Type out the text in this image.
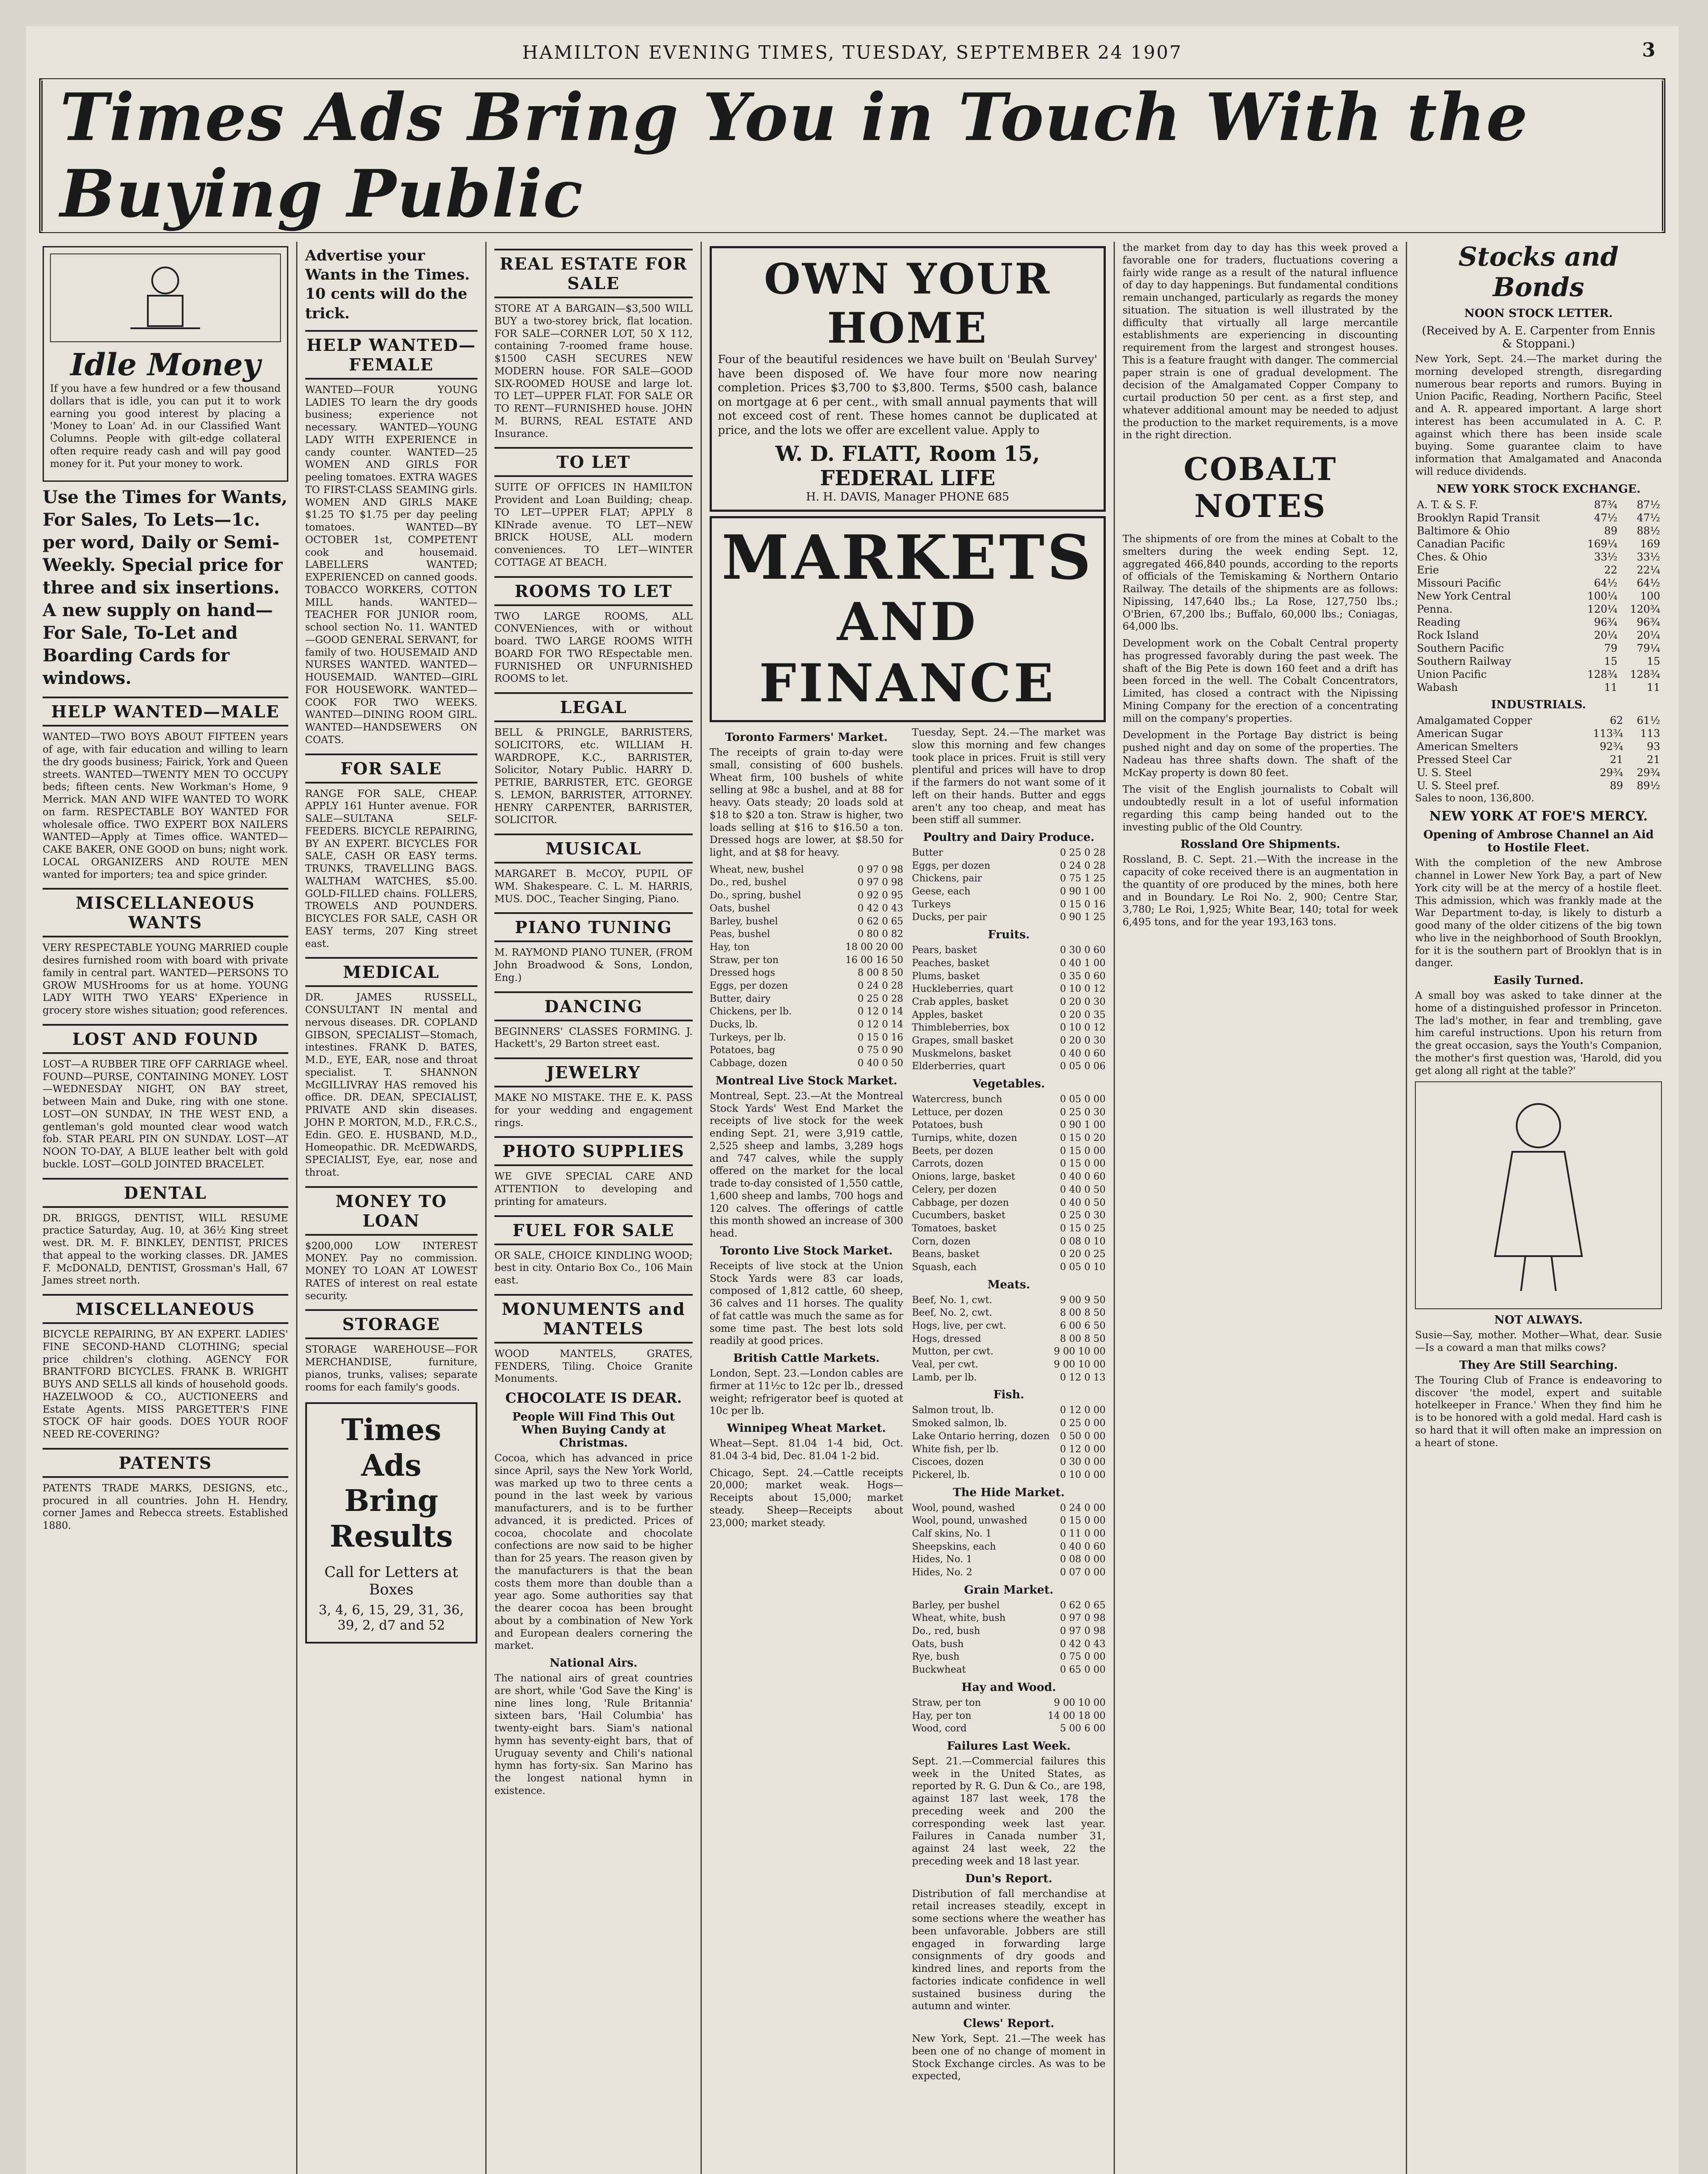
HAMILTON EVENING TIMES, TUESDAY, SEPTEMBER 24 1907	3
Times Ads Bring You in Touch With the Buying Public
Idle Money

If you have a few hundred or a few thousand dollars that is idle, you can put it to work earning you good interest by placing a 'Money to Loan' Ad. in our Classified Want Columns. People with gilt-edge collateral often require ready cash and will pay good money for it. Put your money to work.

Use the Times for Wants, For Sales, To Lets—1c. per word, Daily or Semi-Weekly. Special price for three and six insertions. A new supply on hand—For Sale, To-Let and Boarding Cards for windows.

HELP WANTED—MALE

WANTED—TWO BOYS ABOUT FIFTEEN years of age, with fair education and willing to learn the dry goods business; Fairick, York and Queen streets. WANTED—TWENTY MEN TO OCCUPY beds; fifteen cents. New Workman's Home, 9 Merrick. MAN AND WIFE WANTED TO WORK on farm. RESPECTABLE BOY WANTED FOR wholesale office. TWO EXPERT BOX NAILERS WANTED—Apply at Times office. WANTED—CAKE BAKER, ONE GOOD on buns; night work. LOCAL ORGANIZERS AND ROUTE MEN wanted for importers; tea and spice grinder.

MISCELLANEOUS WANTS

VERY RESPECTABLE YOUNG MARRIED couple desires furnished room with board with private family in central part. WANTED—PERSONS TO GROW MUSHrooms for us at home. YOUNG LADY WITH TWO YEARS' EXperience in grocery store wishes situation; good references.

LOST AND FOUND

LOST—A RUBBER TIRE OFF CARRIAGE wheel. FOUND—PURSE, CONTAINING MONEY. LOST—WEDNESDAY NIGHT, ON BAY street, between Main and Duke, ring with one stone. LOST—ON SUNDAY, IN THE WEST END, a gentleman's gold mounted clear wood watch fob. STAR PEARL PIN ON SUNDAY. LOST—AT NOON TO-DAY, A BLUE leather belt with gold buckle. LOST—GOLD JOINTED BRACELET.

DENTAL

DR. BRIGGS, DENTIST, WILL RESUME practice Saturday, Aug. 10, at 36½ King street west. DR. M. F. BINKLEY, DENTIST, PRICES that appeal to the working classes. DR. JAMES F. McDONALD, DENTIST, Grossman's Hall, 67 James street north.

MISCELLANEOUS

BICYCLE REPAIRING, BY AN EXPERT. LADIES' FINE SECOND-HAND CLOTHING; special price children's clothing. AGENCY FOR BRANTFORD BICYCLES. FRANK B. WRIGHT BUYS AND SELLS all kinds of household goods. HAZELWOOD & CO., AUCTIONEERS and Estate Agents. MISS PARGETTER'S FINE STOCK OF hair goods. DOES YOUR ROOF NEED RE-COVERING?

PATENTS

PATENTS TRADE MARKS, DESIGNS, etc., procured in all countries. John H. Hendry, corner James and Rebecca streets. Established 1880.

Advertise your Wants in the Times. 10 cents will do the trick.

HELP WANTED—FEMALE

WANTED—FOUR YOUNG LADIES TO learn the dry goods business; experience not necessary. WANTED—YOUNG LADY WITH EXPERIENCE in candy counter. WANTED—25 WOMEN AND GIRLS FOR peeling tomatoes. EXTRA WAGES TO FIRST-CLASS SEAMING girls. WOMEN AND GIRLS MAKE $1.25 TO $1.75 per day peeling tomatoes. WANTED—BY OCTOBER 1st, COMPETENT cook and housemaid. LABELLERS WANTED; EXPERIENCED on canned goods. TOBACCO WORKERS, COTTON MILL hands. WANTED—TEACHER FOR JUNIOR room, school section No. 11. WANTED—GOOD GENERAL SERVANT, for family of two. HOUSEMAID AND NURSES WANTED. WANTED—HOUSEMAID. WANTED—GIRL FOR HOUSEWORK. WANTED—COOK FOR TWO WEEKS. WANTED—DINING ROOM GIRL. WANTED—HANDSEWERS ON COATS.

FOR SALE

RANGE FOR SALE, CHEAP. APPLY 161 Hunter avenue. FOR SALE—SULTANA SELF-FEEDERS. BICYCLE REPAIRING, BY AN EXPERT. BICYCLES FOR SALE, CASH OR EASY terms. TRUNKS, TRAVELLING BAGS. WALTHAM WATCHES, $5.00. GOLD-FILLED chains. FOLLERS, TROWELS AND POUNDERS. BICYCLES FOR SALE, CASH OR EASY terms, 207 King street east.

MEDICAL

DR. JAMES RUSSELL, CONSULTANT IN mental and nervous diseases. DR. COPLAND GIBSON, SPECIALIST—Stomach, intestines. FRANK D. BATES, M.D., EYE, EAR, nose and throat specialist. T. SHANNON McGILLIVRAY HAS removed his office. DR. DEAN, SPECIALIST, PRIVATE AND skin diseases. JOHN P. MORTON, M.D., F.R.C.S., Edin. GEO. E. HUSBAND, M.D., Homeopathic. DR. McEDWARDS, SPECIALIST, Eye, ear, nose and throat.

MONEY TO LOAN

$200,000 LOW INTEREST MONEY. Pay no commission. MONEY TO LOAN AT LOWEST RATES of interest on real estate security.

STORAGE

STORAGE WAREHOUSE—FOR MERCHANDISE, furniture, pianos, trunks, valises; separate rooms for each family's goods.

Times Ads
Bring
Results
Call for Letters at Boxes
3, 4, 6, 15, 29, 31, 36, 39, 2, d7 and 52
REAL ESTATE FOR SALE

STORE AT A BARGAIN—$3,500 WILL BUY a two-storey brick, flat location. FOR SALE—CORNER LOT, 50 X 112, containing 7-roomed frame house. $1500 CASH SECURES NEW MODERN house. FOR SALE—GOOD SIX-ROOMED HOUSE and large lot. TO LET—UPPER FLAT. FOR SALE OR TO RENT—FURNISHED house. JOHN M. BURNS, REAL ESTATE AND Insurance.

TO LET

SUITE OF OFFICES IN HAMILTON Provident and Loan Building; cheap. TO LET—UPPER FLAT; APPLY 8 KINrade avenue. TO LET—NEW BRICK HOUSE, ALL modern conveniences. TO LET—WINTER COTTAGE AT BEACH.

ROOMS TO LET

TWO LARGE ROOMS, ALL CONVENiences, with or without board. TWO LARGE ROOMS WITH BOARD FOR TWO REspectable men. FURNISHED OR UNFURNISHED ROOMS to let.

LEGAL

BELL & PRINGLE, BARRISTERS, SOLICITORS, etc. WILLIAM H. WARDROPE, K.C., BARRISTER, Solicitor, Notary Public. HARRY D. PETRIE, BARRISTER, ETC. GEORGE S. LEMON, BARRISTER, ATTORNEY. HENRY CARPENTER, BARRISTER, SOLICITOR.

MUSICAL

MARGARET B. McCOY, PUPIL OF WM. Shakespeare. C. L. M. HARRIS, MUS. DOC., Teacher Singing, Piano.

PIANO TUNING

M. RAYMOND PIANO TUNER, (FROM John Broadwood & Sons, London, Eng.)

DANCING

BEGINNERS' CLASSES FORMING. J. Hackett's, 29 Barton street east.

JEWELRY

MAKE NO MISTAKE. THE E. K. PASS for your wedding and engagement rings.

PHOTO SUPPLIES

WE GIVE SPECIAL CARE AND ATTENTION to developing and printing for amateurs.

FUEL FOR SALE

OR SALE, CHOICE KINDLING WOOD; best in city. Ontario Box Co., 106 Main east.

MONUMENTS and MANTELS

WOOD MANTELS, GRATES, FENDERS, Tiling. Choice Granite Monuments.

CHOCOLATE IS DEAR.
People Will Find This Out When Buying Candy at Christmas.

Cocoa, which has advanced in price since April, says the New York World, was marked up two to three cents a pound in the last week by various manufacturers, and is to be further advanced, it is predicted. Prices of cocoa, chocolate and chocolate confections are now said to be higher than for 25 years. The reason given by the manufacturers is that the bean costs them more than double than a year ago. Some authorities say that the dearer cocoa has been brought about by a combination of New York and European dealers cornering the market.

National Airs.

The national airs of great countries are short, while 'God Save the King' is nine lines long, 'Rule Britannia' sixteen bars, 'Hail Columbia' has twenty-eight bars. Siam's national hymn has seventy-eight bars, that of Uruguay seventy and Chili's national hymn has forty-six. San Marino has the longest national hymn in existence.

OWN YOUR HOME

Four of the beautiful residences we have built on 'Beulah Survey' have been disposed of. We have four more now nearing completion. Prices $3,700 to $3,800. Terms, $500 cash, balance on mortgage at 6 per cent., with small annual payments that will not exceed cost of rent. These homes cannot be duplicated at price, and the lots we offer are excellent value. Apply to

W. D. FLATT, Room 15, FEDERAL LIFE
H. H. DAVIS, Manager PHONE 685
MARKETS
AND FINANCE
Toronto Farmers' Market.

The receipts of grain to-day were small, consisting of 600 bushels. Wheat firm, 100 bushels of white selling at 98c a bushel, and at 88 for heavy. Oats steady; 20 loads sold at $18 to $20 a ton. Straw is higher, two loads selling at $16 to $16.50 a ton. Dressed hogs are lower, at $8.50 for light, and at $8 for heavy.

Wheat, new, bushel	0 97 0 98
Do., red, bushel	0 97 0 98
Do., spring, bushel	0 92 0 95
Oats, bushel	0 42 0 43
Barley, bushel	0 62 0 65
Peas, bushel	0 80 0 82
Hay, ton	18 00 20 00
Straw, per ton	16 00 16 50
Dressed hogs	8 00 8 50
Eggs, per dozen	0 24 0 28
Butter, dairy	0 25 0 28
Chickens, per lb.	0 12 0 14
Ducks, lb.	0 12 0 14
Turkeys, per lb.	0 15 0 16
Potatoes, bag	0 75 0 90
Cabbage, dozen	0 40 0 50
Montreal Live Stock Market.

Montreal, Sept. 23.—At the Montreal Stock Yards' West End Market the receipts of live stock for the week ending Sept. 21, were 3,919 cattle, 2,525 sheep and lambs, 3,289 hogs and 747 calves, while the supply offered on the market for the local trade to-day consisted of 1,550 cattle, 1,600 sheep and lambs, 700 hogs and 120 calves. The offerings of cattle this month showed an increase of 300 head.

Toronto Live Stock Market.

Receipts of live stock at the Union Stock Yards were 83 car loads, composed of 1,812 cattle, 60 sheep, 36 calves and 11 horses. The quality of fat cattle was much the same as for some time past. The best lots sold readily at good prices.

British Cattle Markets.

London, Sept. 23.—London cables are firmer at 11½c to 12c per lb., dressed weight; refrigerator beef is quoted at 10c per lb.

Winnipeg Wheat Market.

Wheat—Sept. 81.04 1-4 bid, Oct. 81.04 3-4 bid, Dec. 81.04 1-2 bid.

Chicago, Sept. 24.—Cattle receipts 20,000; market weak. Hogs—Receipts about 15,000; market steady. Sheep—Receipts about 23,000; market steady.

Tuesday, Sept. 24.—The market was slow this morning and few changes took place in prices. Fruit is still very plentiful and prices will have to drop if the farmers do not want some of it left on their hands. Butter and eggs aren't any too cheap, and meat has been stiff all summer.

Poultry and Dairy Produce.
Butter	0 25 0 28
Eggs, per dozen	0 24 0 28
Chickens, pair	0 75 1 25
Geese, each	0 90 1 00
Turkeys	0 15 0 16
Ducks, per pair	0 90 1 25
Fruits.
Pears, basket	0 30 0 60
Peaches, basket	0 40 1 00
Plums, basket	0 35 0 60
Huckleberries, quart	0 10 0 12
Crab apples, basket	0 20 0 30
Apples, basket	0 20 0 35
Thimbleberries, box	0 10 0 12
Grapes, small basket	0 20 0 30
Muskmelons, basket	0 40 0 60
Elderberries, quart	0 05 0 06
Vegetables.
Watercress, bunch	0 05 0 00
Lettuce, per dozen	0 25 0 30
Potatoes, bush	0 90 1 00
Turnips, white, dozen	0 15 0 20
Beets, per dozen	0 15 0 00
Carrots, dozen	0 15 0 00
Onions, large, basket	0 40 0 60
Celery, per dozen	0 40 0 50
Cabbage, per dozen	0 40 0 50
Cucumbers, basket	0 25 0 30
Tomatoes, basket	0 15 0 25
Corn, dozen	0 08 0 10
Beans, basket	0 20 0 25
Squash, each	0 05 0 10
Meats.
Beef, No. 1, cwt.	9 00 9 50
Beef, No. 2, cwt.	8 00 8 50
Hogs, live, per cwt.	6 00 6 50
Hogs, dressed	8 00 8 50
Mutton, per cwt.	9 00 10 00
Veal, per cwt.	9 00 10 00
Lamb, per lb.	0 12 0 13
Fish.
Salmon trout, lb.	0 12 0 00
Smoked salmon, lb.	0 25 0 00
Lake Ontario herring, dozen 0 50 0 00
White fish, per lb.	0 12 0 00
Ciscoes, dozen	0 30 0 00
Pickerel, lb.	0 10 0 00
The Hide Market.
Wool, pound, washed	0 24 0 00
Wool, pound, unwashed	0 15 0 00
Calf skins, No. 1	0 11 0 00
Sheepskins, each	0 40 0 60
Hides, No. 1	0 08 0 00
Hides, No. 2	0 07 0 00
Grain Market.
Barley, per bushel	0 62 0 65
Wheat, white, bush	0 97 0 98
Do., red, bush	0 97 0 98
Oats, bush	0 42 0 43
Rye, bush	0 75 0 00
Buckwheat	0 65 0 00
Hay and Wood.
Straw, per ton	9 00 10 00
Hay, per ton	14 00 18 00
Wood, cord	5 00 6 00
Failures Last Week.

Sept. 21.—Commercial failures this week in the United States, as reported by R. G. Dun & Co., are 198, against 187 last week, 178 the preceding week and 200 the corresponding week last year. Failures in Canada number 31, against 24 last week, 22 the preceding week and 18 last year.

Dun's Report.

Distribution of fall merchandise at retail increases steadily, except in some sections where the weather has been unfavorable. Jobbers are still engaged in forwarding large consignments of dry goods and kindred lines, and reports from the factories indicate confidence in well sustained business during the autumn and winter.

Clews' Report.

New York, Sept. 21.—The week has been one of no change of moment in Stock Exchange circles. As was to be expected,

the market from day to day has this week proved a favorable one for traders, fluctuations covering a fairly wide range as a result of the natural influence of day to day happenings. But fundamental conditions remain unchanged, particularly as regards the money situation. The situation is well illustrated by the difficulty that virtually all large mercantile establishments are experiencing in discounting requirement from the largest and strongest houses. This is a feature fraught with danger. The commercial paper strain is one of gradual development. The decision of the Amalgamated Copper Company to curtail production 50 per cent. as a first step, and whatever additional amount may be needed to adjust the production to the market requirements, is a move in the right direction.

COBALT NOTES

The shipments of ore from the mines at Cobalt to the smelters during the week ending Sept. 12, aggregated 466,840 pounds, according to the reports of officials of the Temiskaming & Northern Ontario Railway. The details of the shipments are as follows: Nipissing, 147,640 lbs.; La Rose, 127,750 lbs.; O'Brien, 67,200 lbs.; Buffalo, 60,000 lbs.; Coniagas, 64,000 lbs.

Development work on the Cobalt Central property has progressed favorably during the past week. The shaft of the Big Pete is down 160 feet and a drift has been forced in the well. The Cobalt Concentrators, Limited, has closed a contract with the Nipissing Mining Company for the erection of a concentrating mill on the company's properties.

Development in the Portage Bay district is being pushed night and day on some of the properties. The Nadeau has three shafts down. The shaft of the McKay property is down 80 feet.

The visit of the English journalists to Cobalt will undoubtedly result in a lot of useful information regarding this camp being handed out to the investing public of the Old Country.

Rossland Ore Shipments.

Rossland, B. C. Sept. 21.—With the increase in the capacity of coke received there is an augmentation in the quantity of ore produced by the mines, both here and in Boundary. Le Roi No. 2, 900; Centre Star, 3,780; Le Roi, 1,925; White Bear, 140; total for week 6,495 tons, and for the year 193,163 tons.

Stocks and Bonds
NOON STOCK LETTER.
(Received by A. E. Carpenter from Ennis & Stoppani.)

New York, Sept. 24.—The market during the morning developed strength, disregarding numerous bear reports and rumors. Buying in Union Pacific, Reading, Northern Pacific, Steel and A. R. appeared important. A large short interest has been accumulated in A. C. P. against which there has been inside scale buying. Some guarantee claim to have information that Amalgamated and Anaconda will reduce dividends.

NEW YORK STOCK EXCHANGE.
A. T. & S. F.	87¾	87½
Brooklyn Rapid Transit	47½	47½
Baltimore & Ohio	89	88½
Canadian Pacific	169¼	169
Ches. & Ohio	33½	33½
Erie	22	22¼
Missouri Pacific	64½	64½
New York Central	100¼	100
Penna.	120¼	120¾
Reading	96¾	96¾
Rock Island	20¼	20¼
Southern Pacific	79	79¼
Southern Railway	15	15
Union Pacific	128¾	128¾
Wabash	11	11
INDUSTRIALS.
Amalgamated Copper	62	61½
American Sugar	113¾	113
American Smelters	92¾	93
Pressed Steel Car	21	21
U. S. Steel	29¾	29¾
U. S. Steel pref.	89	89½

Sales to noon, 136,800.

NEW YORK AT FOE'S MERCY.
Opening of Ambrose Channel an Aid to Hostile Fleet.

With the completion of the new Ambrose channel in Lower New York Bay, a part of New York city will be at the mercy of a hostile fleet. This admission, which was frankly made at the War Department to-day, is likely to disturb a good many of the older citizens of the big town who live in the neighborhood of South Brooklyn, for it is the southern part of Brooklyn that is in danger.

Easily Turned.

A small boy was asked to take dinner at the home of a distinguished professor in Princeton. The lad's mother, in fear and trembling, gave him careful instructions. Upon his return from the great occasion, says the Youth's Companion, the mother's first question was, 'Harold, did you get along all right at the table?'

NOT ALWAYS.

Susie—Say, mother. Mother—What, dear. Susie—Is a coward a man that milks cows?

They Are Still Searching.

The Touring Club of France is endeavoring to discover 'the model, expert and suitable hotelkeeper in France.' When they find him he is to be honored with a gold medal. Hard cash is so hard that it will often make an impression on a heart of stone.
